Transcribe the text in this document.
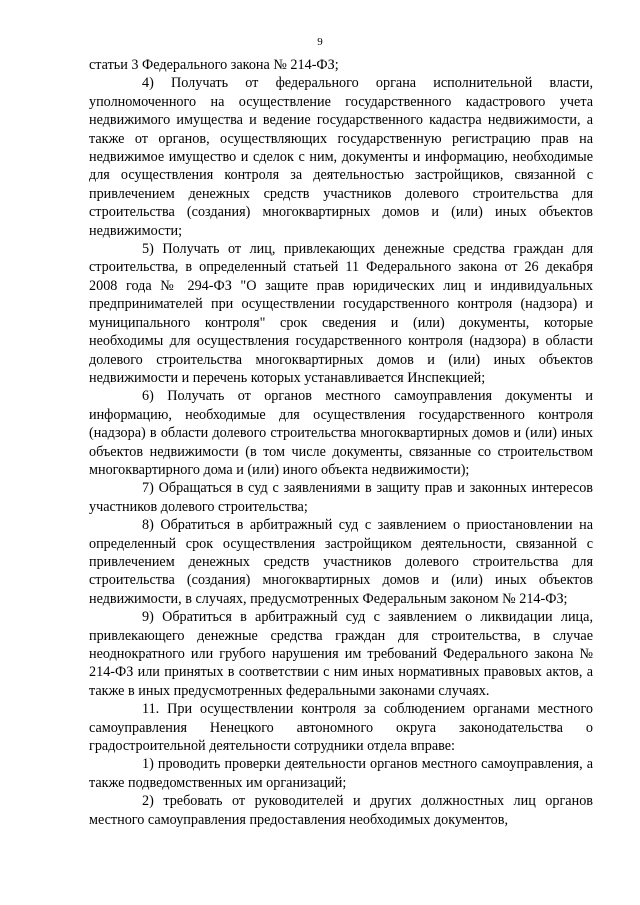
9

статьи 3 Федерального закона № 214-ФЗ;

4) Получать от федерального органа исполнительной власти, уполномоченного на осуществление государственного кадастрового учета недвижимого имущества и ведение государственного кадастра недвижимости, а также от органов, осуществляющих государственную регистрацию прав на недвижимое имущество и сделок с ним, документы и информацию, необходимые для осуществления контроля за деятельностью застройщиков, связанной с привлечением денежных средств участников долевого строительства для строительства (создания) многоквартирных домов и (или) иных объектов недвижимости;

5) Получать от лиц, привлекающих денежные средства граждан для строительства, в определенный статьей 11 Федерального закона от 26 декабря 2008 года № 294-ФЗ "О защите прав юридических лиц и индивидуальных предпринимателей при осуществлении государственного контроля (надзора) и муниципального контроля" срок сведения и (или) документы, которые необходимы для осуществления государственного контроля (надзора) в области долевого строительства многоквартирных домов и (или) иных объектов недвижимости и перечень которых устанавливается Инспекцией;

6) Получать от органов местного самоуправления документы и информацию, необходимые для осуществления государственного контроля (надзора) в области долевого строительства многоквартирных домов и (или) иных объектов недвижимости (в том числе документы, связанные со строительством многоквартирного дома и (или) иного объекта недвижимости);

7) Обращаться в суд с заявлениями в защиту прав и законных интересов участников долевого строительства;

8) Обратиться в арбитражный суд с заявлением о приостановлении на определенный срок осуществления застройщиком деятельности, связанной с привлечением денежных средств участников долевого строительства для строительства (создания) многоквартирных домов и (или) иных объектов недвижимости, в случаях, предусмотренных Федеральным законом № 214-ФЗ;

9) Обратиться в арбитражный суд с заявлением о ликвидации лица, привлекающего денежные средства граждан для строительства, в случае неоднократного или грубого нарушения им требований Федерального закона № 214-ФЗ или принятых в соответствии с ним иных нормативных правовых актов, а также в иных предусмотренных федеральными законами случаях.

11. При осуществлении контроля за соблюдением органами местного самоуправления Ненецкого автономного округа законодательства о градостроительной деятельности сотрудники отдела вправе:

1) проводить проверки деятельности органов местного самоуправления, а также подведомственных им организаций;

2) требовать от руководителей и других должностных лиц органов местного самоуправления предоставления необходимых документов,
